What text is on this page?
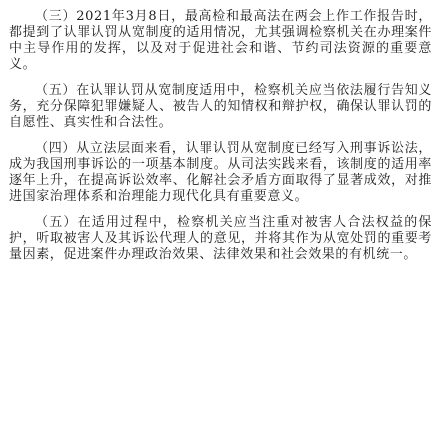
（三）2021年3月8日，最高检和最高法在两会上作工作报告时，都提到了认罪认罚从宽制度的适用情况，尤其强调检察机关在办理案件中主导作用的发挥，以及对于促进社会和谐、节约司法资源的重要意义。

（五）在认罪认罚从宽制度适用中，检察机关应当依法履行告知义务，充分保障犯罪嫌疑人、被告人的知情权和辩护权，确保认罪认罚的自愿性、真实性和合法性。

（四）从立法层面来看，认罪认罚从宽制度已经写入刑事诉讼法，成为我国刑事诉讼的一项基本制度。从司法实践来看，该制度的适用率逐年上升，在提高诉讼效率、化解社会矛盾方面取得了显著成效，对推进国家治理体系和治理能力现代化具有重要意义。

（五）在适用过程中，检察机关应当注重对被害人合法权益的保护，听取被害人及其诉讼代理人的意见，并将其作为从宽处罚的重要考量因素，促进案件办理政治效果、法律效果和社会效果的有机统一。
